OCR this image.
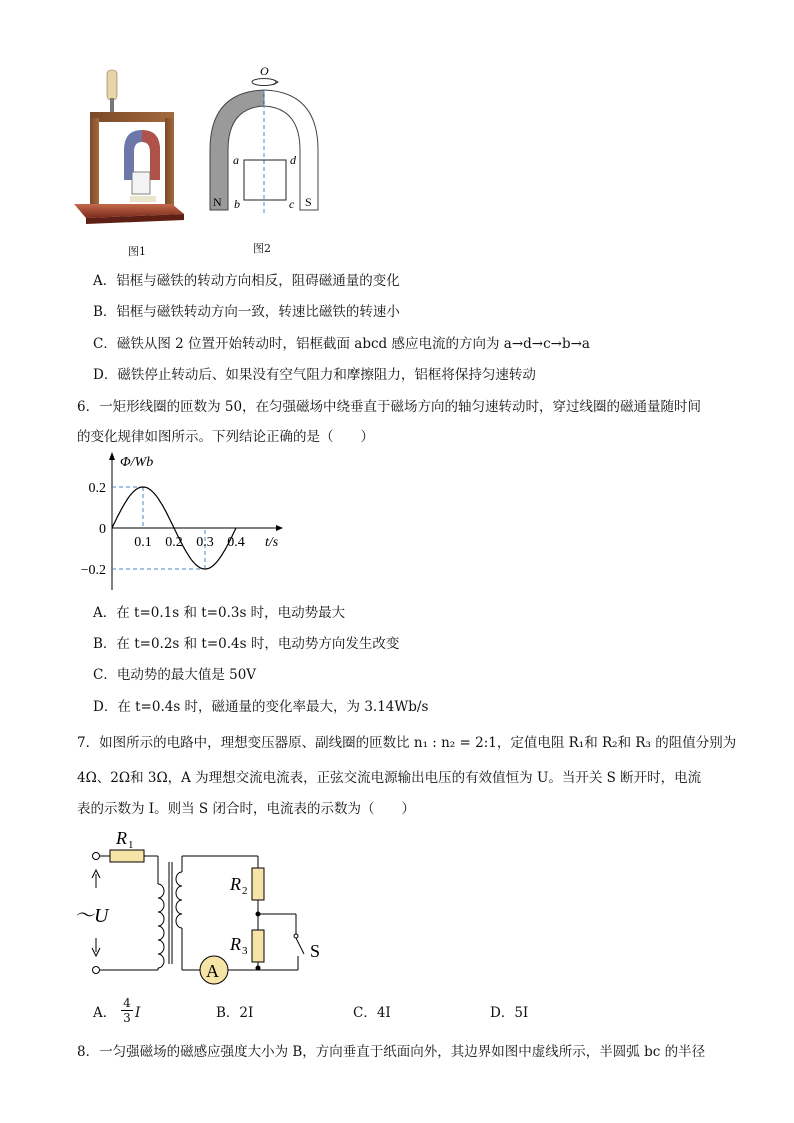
图1
O
a	d
b	c
N	S
图2
A．铝框与磁铁的转动方向相反，阻碍磁通量的变化
B．铝框与磁铁转动方向一致，转速比磁铁的转速小
C．磁铁从图 2 位置开始转动时，铝框截面 abcd 感应电流的方向为 a→d→c→b→a
D．磁铁停止转动后、如果没有空气阻力和摩擦阻力，铝框将保持匀速转动
6．一矩形线圈的匝数为 50，在匀强磁场中绕垂直于磁场方向的轴匀速转动时，穿过线圈的磁通量随时间
的变化规律如图所示。下列结论正确的是（　　）
0.2
0
−0.2
0.1 0.2 0.3 0.4
Φ/Wb
t/s
A．在 t=0.1s 和 t=0.3s 时，电动势最大
B．在 t=0.2s 和 t=0.4s 时，电动势方向发生改变
C．电动势的最大值是 50V
D．在 t=0.4s 时，磁通量的变化率最大，为 3.14Wb/s
7．如图所示的电路中，理想变压器原、副线圈的匝数比 n₁ : n₂ = 2:1，定值电阻 R₁和 R₂和 R₃ 的阻值分别为
4Ω、2Ω和 3Ω，A 为理想交流电流表，正弦交流电源输出电压的有效值恒为 U。当开关 S 断开时，电流
表的示数为 I。则当 S 闭合时，电流表的示数为（　　）
R 1
～U
R 2
R 3	S
A
A．
4
3 I	B．2I	C．4I	D．5I
8．一匀强磁场的磁感应强度大小为 B，方向垂直于纸面向外，其边界如图中虚线所示，半圆弧 bc 的半径
